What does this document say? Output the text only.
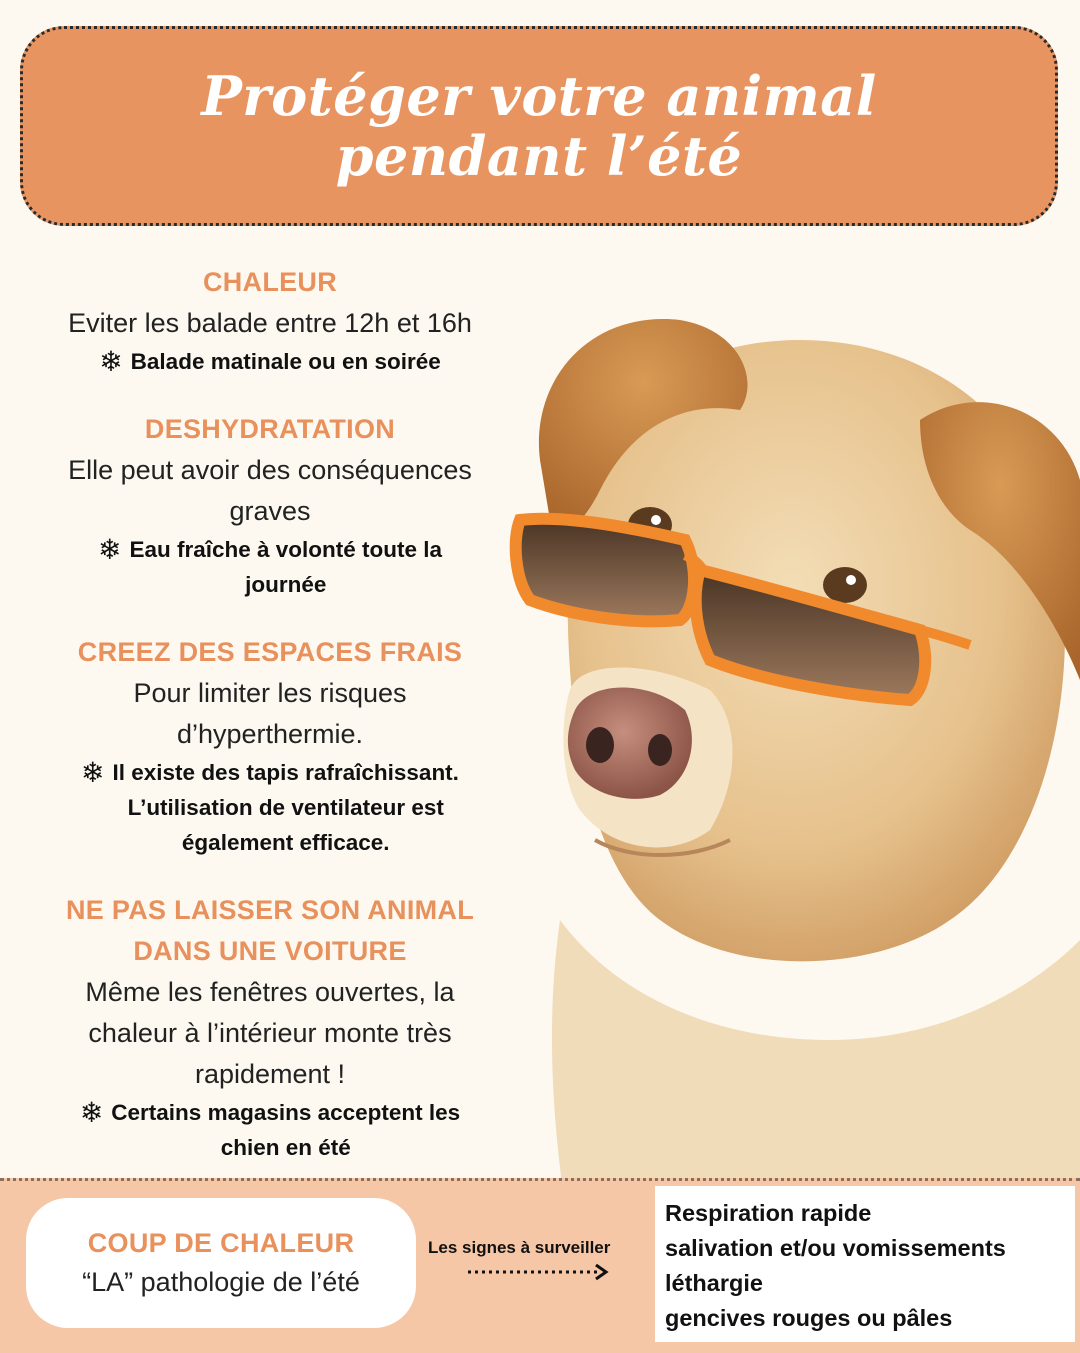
Protéger votre animal
pendant l’été
CHALEUR
Eviter les balade entre 12h et 16h
❄ Balade matinale ou en soirée
DESHYDRATATION
Elle peut avoir des conséquences
graves
❄ Eau fraîche à volonté toute la
journée
CREEZ DES ESPACES FRAIS
Pour limiter les risques
d’hyperthermie.
❄ Il existe des tapis rafraîchissant.
L’utilisation de ventilateur est
également efficace.
NE PAS LAISSER SON ANIMAL
DANS UNE VOITURE
Même les fenêtres ouvertes, la
chaleur à l’intérieur monte très
rapidement !
❄ Certains magasins acceptent les
chien en été
COUP DE CHALEUR
“LA” pathologie de l’été
Les signes à surveiller
Respiration rapide
salivation et/ou vomissements
léthargie
gencives rouges ou pâles
